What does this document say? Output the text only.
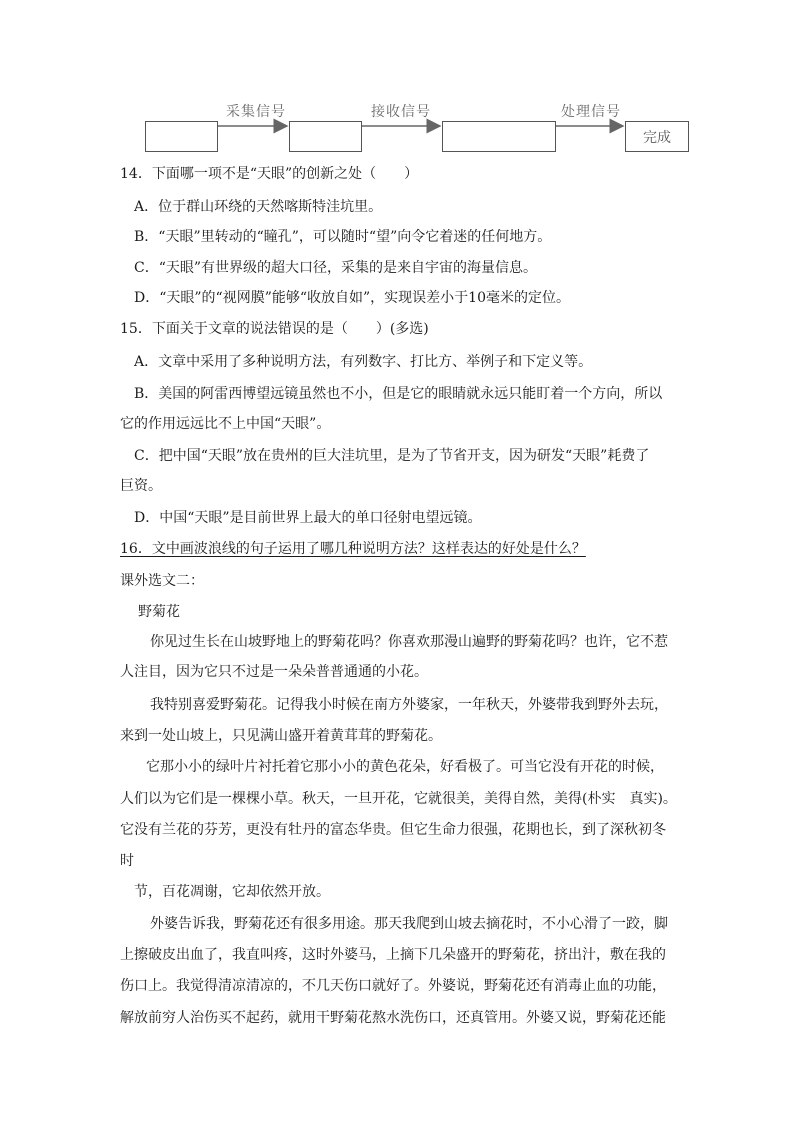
采集信号	接收信号	处理信号
完成
14．下面哪一项不是“天眼”的创新之处（　　）
A．位于群山环绕的天然喀斯特洼坑里。
B．“天眼”里转动的“瞳孔”，可以随时“望”向令它着迷的任何地方。
C．“天眼”有世界级的超大口径，采集的是来自宇宙的海量信息。
D．“天眼”的“视网膜”能够“收放自如”，实现误差小于10毫米的定位。
15．下面关于文章的说法错误的是（　　）(多选)
A．文章中采用了多种说明方法，有列数字、打比方、举例子和下定义等。
B．美国的阿雷西博望远镜虽然也不小，但是它的眼睛就永远只能盯着一个方向，所以
它的作用远远比不上中国“天眼”。
C．把中国“天眼”放在贵州的巨大洼坑里，是为了节省开支，因为研发“天眼”耗费了
巨资。
D．中国“天眼”是目前世界上最大的单口径射电望远镜。
16．文中画波浪线的句子运用了哪几种说明方法？这样表达的好处是什么？
课外选文二：
野菊花
你见过生长在山坡野地上的野菊花吗？你喜欢那漫山遍野的野菊花吗？也许，它不惹
人注目，因为它只不过是一朵朵普普通通的小花。
我特别喜爱野菊花。记得我小时候在南方外婆家，一年秋天，外婆带我到野外去玩，
来到一处山坡上，只见满山盛开着黄茸茸的野菊花。
它那小小的绿叶片衬托着它那小小的黄色花朵，好看极了。可当它没有开花的时候，
人们以为它们是一棵棵小草。秋天，一旦开花，它就很美，美得自然，美得(朴实　真实)。
它没有兰花的芬芳，更没有牡丹的富态华贵。但它生命力很强，花期也长，到了深秋初冬
时
节，百花凋谢，它却依然开放。
外婆告诉我，野菊花还有很多用途。那天我爬到山坡去摘花时，不小心滑了一跤，脚
上擦破皮出血了，我直叫疼，这时外婆马，上摘下几朵盛开的野菊花，挤出汁，敷在我的
伤口上。我觉得清凉清凉的，不几天伤口就好了。外婆说，野菊花还有消毒止血的功能，
解放前穷人治伤买不起药，就用干野菊花熬水洗伤口，还真管用。外婆又说，野菊花还能
